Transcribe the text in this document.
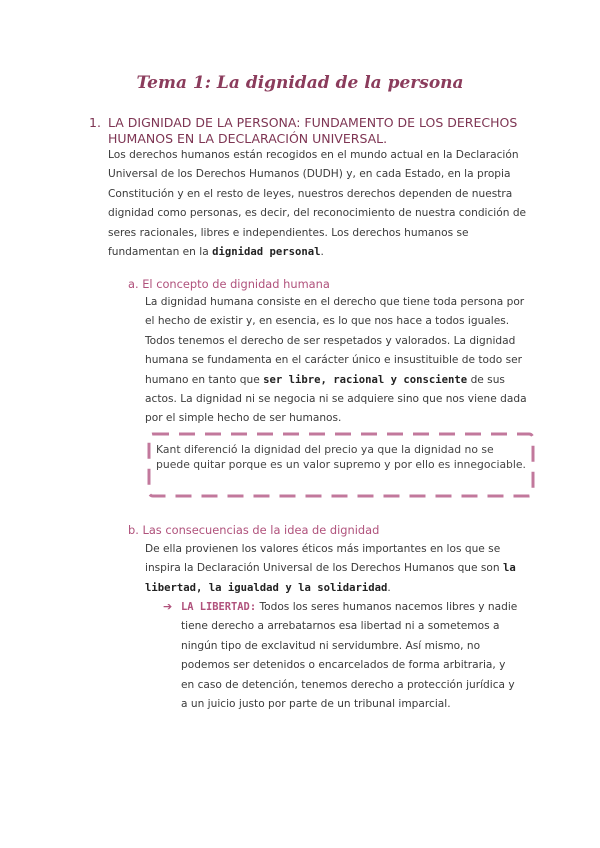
Tema 1: La dignidad de la persona
1. LA DIGNIDAD DE LA PERSONA: FUNDAMENTO DE LOS DERECHOS HUMANOS EN LA DECLARACIÓN UNIVERSAL.

Los derechos humanos están recogidos en el mundo actual en la Declaración Universal de los Derechos Humanos (DUDH) y, en cada Estado, en la propia Constitución y en el resto de leyes, nuestros derechos dependen de nuestra dignidad como personas, es decir, del reconocimiento de nuestra condición de seres racionales, libres e independientes. Los derechos humanos se fundamentan en la dignidad personal.

a. El concepto de dignidad humana

La dignidad humana consiste en el derecho que tiene toda persona por el hecho de existir y, en esencia, es lo que nos hace a todos iguales. Todos tenemos el derecho de ser respetados y valorados. La dignidad humana se fundamenta en el carácter único e insustituible de todo ser humano en tanto que ser libre, racional y consciente de sus actos. La dignidad ni se negocia ni se adquiere sino que nos viene dada por el simple hecho de ser humanos.

Kant diferenció la dignidad del precio ya que la dignidad no se puede quitar porque es un valor supremo y por ello es innegociable.

b. Las consecuencias de la idea de dignidad

De ella provienen los valores éticos más importantes en los que se inspira la Declaración Universal de los Derechos Humanos que son la libertad, la igualdad y la solidaridad.

➔ LA LIBERTAD: Todos los seres humanos nacemos libres y nadie tiene derecho a arrebatarnos esa libertad ni a sometemos a ningún tipo de exclavitud ni servidumbre. Así mismo, no podemos ser detenidos o encarcelados de forma arbitraria, y en caso de detención, tenemos derecho a protección jurídica y a un juicio justo por parte de un tribunal imparcial.
